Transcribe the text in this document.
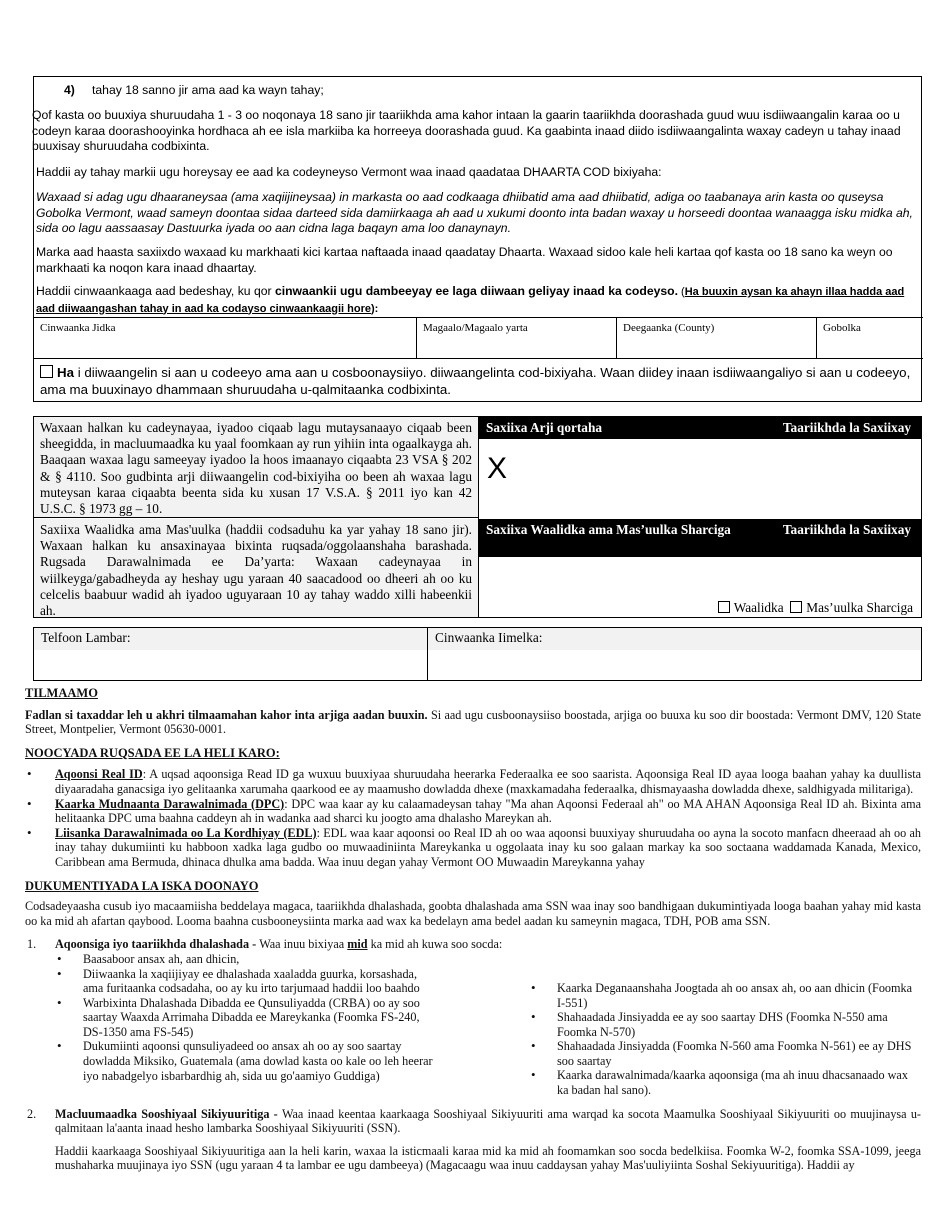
4) tahay 18 sanno jir ama aad ka wayn tahay;

Qof kasta oo buuxiya shuruudaha 1 - 3 oo noqonaya 18 sano jir taariikhda ama kahor intaan la gaarin taariikhda doorashada guud wuu isdiiwaangalin karaa oo u codeyn karaa doorashooyinka hordhaca ah ee isla markiiba ka horreeya doorashada guud. Ka gaabinta inaad diido isdiiwaangalinta waxay cadeyn u tahay inaad buuxisay shuruudaha codbixinta.

Haddii ay tahay markii ugu horeysay ee aad ka codeyneyso Vermont waa inaad qaadataa DHAARTA COD bixiyaha:

Waxaad si adag ugu dhaaraneysaa (ama xaqiijineysaa) in markasta oo aad codkaaga dhiibatid ama aad dhiibatid, adiga oo taabanaya arin kasta oo quseysa Gobolka Vermont, waad sameyn doontaa sidaa darteed sida damiirkaaga ah aad u xukumi doonto inta badan waxay u horseedi doontaa wanaagga isku midka ah, sida oo lagu aassaasay Dastuurka iyada oo aan cidna laga baqayn ama loo danaynayn.

Marka aad haasta saxiixdo waxaad ku markhaati kici kartaa naftaada inaad qaadatay Dhaarta. Waxaad sidoo kale heli kartaa qof kasta oo 18 sano ka weyn oo markhaati ka noqon kara inaad dhaartay.

Haddii cinwaankaaga aad bedeshay, ku qor cinwaankii ugu dambeeyay ee laga diiwaan geliyay inaad ka codeyso. (Ha buuxin aysan ka ahayn illaa hadda aad aad diiwaangashan tahay in aad ka codayso cinwaankaagii hore):

Cinwaanka Jidka	Magaalo/Magaalo yarta	Deegaanka (County)	Gobolka
Ha i diiwaangelin si aan u codeeyo ama aan u cosboonaysiiyo. diiwaangelinta cod-bixiyaha. Waan diidey inaan isdiiwaangaliyo si aan u codeeyo, ama ma buuxinayo dhammaan shuruudaha u-qalmitaanka codbixinta.
Waxaan halkan ku cadeynayaa, iyadoo ciqaab lagu mutaysanaayo ciqaab been sheegidda, in macluumaadka ku yaal foomkaan ay run yihiin inta ogaalkayga ah. Baaqaan waxaa lagu sameeyay iyadoo la hoos imaanayo ciqaabta 23 VSA § 202 & § 4110. Soo gudbinta arji diiwaangelin cod-bixiyiha oo been ah waxaa lagu muteysan karaa ciqaabta beenta sida ku xusan 17 V.S.A. § 2011 iyo kan 42 U.S.C. § 1973 gg – 10.
Saxiixa Arji qortaha	Taariikhda la Saxiixay
X
Saxiixa Waalidka ama Mas'uulka (haddii codsaduhu ka yar yahay 18 sano jir). Waxaan halkan ku ansaxinayaa bixinta ruqsada/oggolaanshaha barashada. Rugsada Darawalnimada ee Da’yarta: Waxaan cadeynayaa in wiilkeyga/gabadheyda ay heshay ugu yaraan 40 saacadood oo dheeri ah oo ku celcelis baabuur wadid ah iyadoo uguyaraan 10 ay tahay waddo xilli habeenkii ah.
Saxiixa Waalidka ama Mas’uulka Sharciga	Taariikhda la Saxiixay
Waalidka Mas’uulka Sharciga
Telfoon Lambar:	Cinwaanka Iimelka:
TILMAAMO
Fadlan si taxaddar leh u akhri tilmaamahan kahor inta arjiga aadan buuxin. Si aad ugu cusboonaysiiso boostada, arjiga oo buuxa ku soo dir boostada: Vermont DMV, 120 State Street, Montpelier, Vermont 05630-0001.
NOOCYADA RUQSADA EE LA HELI KARO:
• Aqoonsi Real ID: A uqsad aqoonsiga Read ID ga wuxuu buuxiyaa shuruudaha heerarka Federaalka ee soo saarista. Aqoonsiga Real ID ayaa looga baahan yahay ka duullista diyaaradaha ganacsiga iyo gelitaanka xarumaha qaarkood ee ay maamusho dowladda dhexe (maxkamadaha federaalka, dhismayaasha dowladda dhexe, saldhigyada militariga).
• Kaarka Mudnaanta Darawalnimada (DPC): DPC waa kaar ay ku calaamadeysan tahay "Ma ahan Aqoonsi Federaal ah" oo MA AHAN Aqoonsiga Real ID ah. Bixinta ama helitaanka DPC uma baahna caddeyn ah in wadanka aad sharci ku joogto ama dhalasho Mareykan ah.
• Liisanka Darawalnimada oo La Kordhiyay (EDL): EDL waa kaar aqoonsi oo Real ID ah oo waa aqoonsi buuxiyay shuruudaha oo ayna la socoto manfacn dheeraad ah oo ah inay tahay dukumiinti ku habboon xadka laga gudbo oo muwaadiniinta Mareykanka u oggolaata inay ku soo galaan markay ka soo soctaana waddamada Kanada, Mexico, Caribbean ama Bermuda, dhinaca dhulka ama badda. Waa inuu degan yahay Vermont OO Muwaadin Mareykanna yahay
DUKUMENTIYADA LA ISKA DOONAYO
Codsadeyaasha cusub iyo macaamiisha beddelaya magaca, taariikhda dhalashada, goobta dhalashada ama SSN waa inay soo bandhigaan dukumintiyada looga baahan yahay mid kasta oo ka mid ah afartan qaybood. Looma baahna cusbooneysiinta marka aad wax ka bedelayn ama bedel aadan ku sameynin magaca, TDH, POB ama SSN.
1. Aqoonsiga iyo taariikhda dhalashada - Waa inuu bixiyaa mid ka mid ah kuwa soo socda:
• Baasaboor ansax ah, aan dhicin,
• Diiwaanka la xaqiijiyay ee dhalashada xaaladda guurka, korsashada, ama furitaanka codsadaha, oo ay ku irto tarjumaad haddii loo baahdo
• Warbixinta Dhalashada Dibadda ee Qunsuliyadda (CRBA) oo ay soo saartay Waaxda Arrimaha Dibadda ee Mareykanka (Foomka FS-240, DS-1350 ama FS-545)
• Dukumiinti aqoonsi qunsuliyadeed oo ansax ah oo ay soo saartay dowladda Miksiko, Guatemala (ama dowlad kasta oo kale oo leh heerar iyo nabadgelyo isbarbardhig ah, sida uu go'aamiyo Guddiga)
• Kaarka Deganaanshaha Joogtada ah oo ansax ah, oo aan dhicin (Foomka I-551)
• Shahaadada Jinsiyadda ee ay soo saartay DHS (Foomka N-550 ama Foomka N-570)
• Shahaadada Jinsiyadda (Foomka N-560 ama Foomka N-561) ee ay DHS soo saartay
• Kaarka darawalnimada/kaarka aqoonsiga (ma ah inuu dhacsanaado wax ka badan hal sano).
2. Macluumaadka Sooshiyaal Sikiyuuritiga - Waa inaad keentaa kaarkaaga Sooshiyaal Sikiyuuriti ama warqad ka socota Maamulka Sooshiyaal Sikiyuuriti oo muujinaysa u-qalmitaan la'aanta inaad hesho lambarka Sooshiyaal Sikiyuuriti (SSN).
Haddii kaarkaaga Sooshiyaal Sikiyuuritiga aan la heli karin, waxaa la isticmaali karaa mid ka mid ah foomamkan soo socda bedelkiisa. Foomka W-2, foomka SSA-1099, jeega mushaharka muujinaya iyo SSN (ugu yaraan 4 ta lambar ee ugu dambeeya) (Magacaagu waa inuu caddaysan yahay Mas'uuliyiinta Soshal Sekiyuuritiga). Haddii ay
